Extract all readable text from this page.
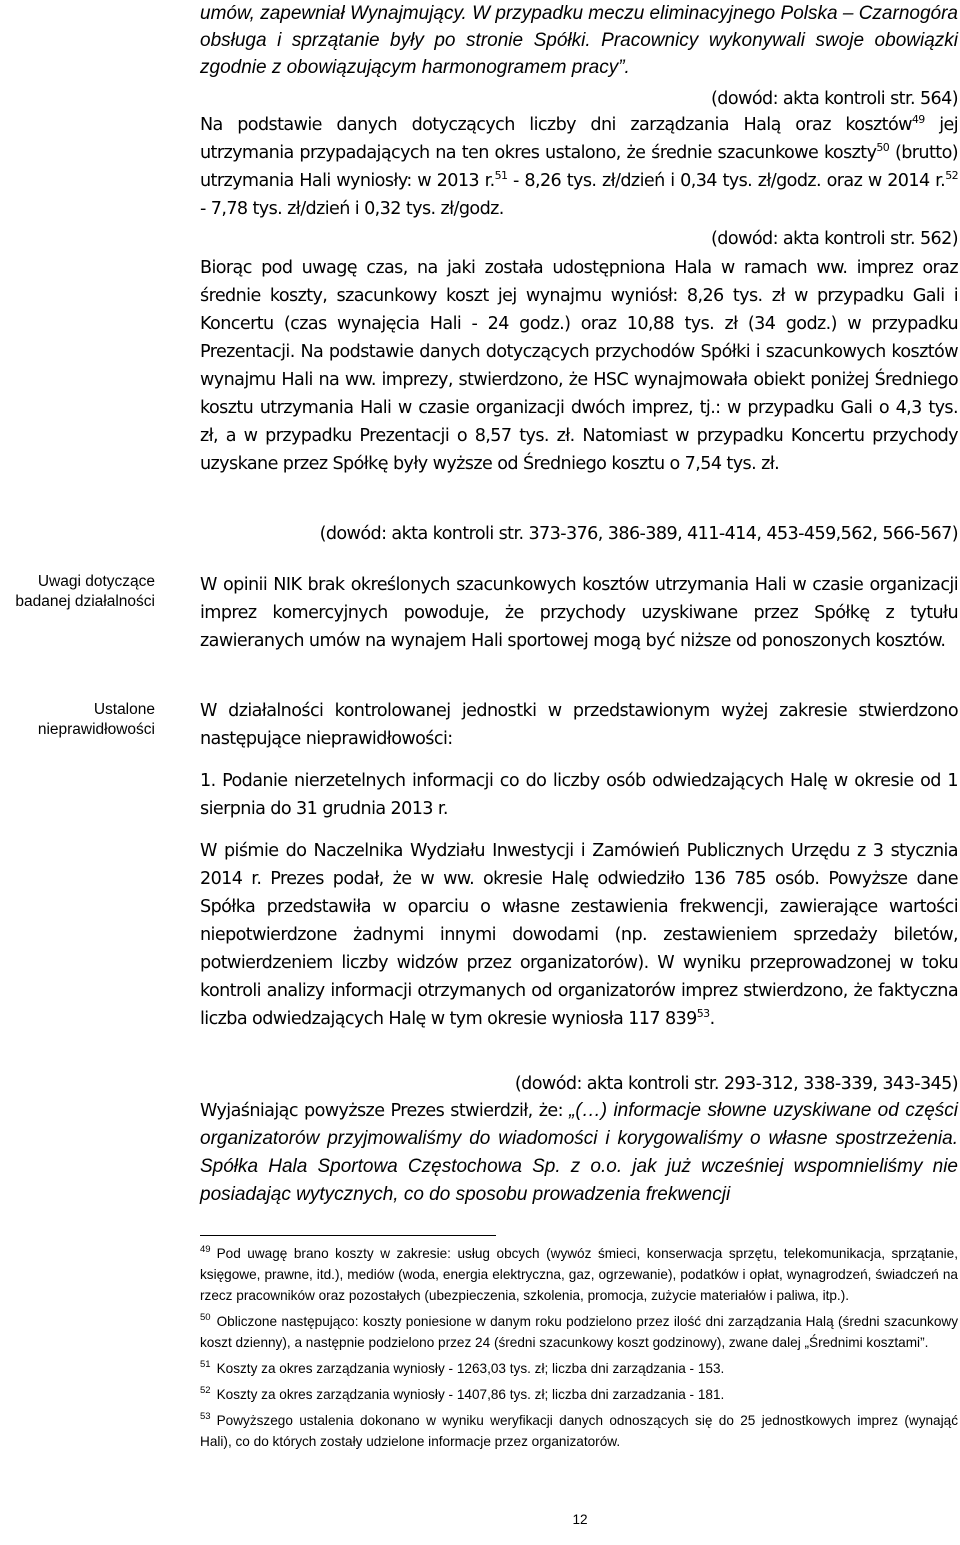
umów, zapewniał Wynajmujący. W przypadku meczu eliminacyjnego Polska – Czarnogóra obsługa i sprzątanie były po stronie Spółki. Pracownicy wykonywali swoje obowiązki zgodnie z obowiązującym harmonogramem pracy”.

(dowód: akta kontroli str. 564)

Na podstawie danych dotyczących liczby dni zarządzania Halą oraz kosztów$^{49}$ jej utrzymania przypadających na ten okres ustalono, że średnie szacunkowe koszty$^{50}$ (brutto) utrzymania Hali wyniosły: w 2013 r.$^{51}$ - 8,26 tys. zł/dzień i 0,34 tys. zł/godz. oraz w 2014 r.$^{52}$ - 7,78 tys. zł/dzień i 0,32 tys. zł/godz.

(dowód: akta kontroli str. 562)

Biorąc pod uwagę czas, na jaki została udostępniona Hala w ramach ww. imprez oraz średnie koszty, szacunkowy koszt jej wynajmu wyniósł: 8,26 tys. zł w przypadku Gali i Koncertu (czas wynajęcia Hali - 24 godz.) oraz 10,88 tys. zł (34 godz.) w przypadku Prezentacji. Na podstawie danych dotyczących przychodów Spółki i szacunkowych kosztów wynajmu Hali na ww. imprezy, stwierdzono, że HSC wynajmowała obiekt poniżej Średniego kosztu utrzymania Hali w czasie organizacji dwóch imprez, tj.: w przypadku Gali o 4,3 tys. zł, a w przypadku Prezentacji o 8,57 tys. zł. Natomiast w przypadku Koncertu przychody uzyskane przez Spółkę były wyższe od Średniego kosztu o 7,54 tys. zł.

(dowód: akta kontroli str. 373-376, 386-389, 411-414, 453-459,562, 566-567)

Uwagi dotyczące badanej działalności
Ustalone nieprawidłowości

W opinii NIK brak określonych szacunkowych kosztów utrzymania Hali w czasie organizacji imprez komercyjnych powoduje, że przychody uzyskiwane przez Spółkę z tytułu zawieranych umów na wynajem Hali sportowej mogą być niższe od ponoszonych kosztów.

W działalności kontrolowanej jednostki w przedstawionym wyżej zakresie stwierdzono następujące nieprawidłowości:

1. Podanie nierzetelnych informacji co do liczby osób odwiedzających Halę w okresie od 1 sierpnia do 31 grudnia 2013 r.

W piśmie do Naczelnika Wydziału Inwestycji i Zamówień Publicznych Urzędu z 3 stycznia 2014 r. Prezes podał, że w ww. okresie Halę odwiedziło 136 785 osób. Powyższe dane Spółka przedstawiła w oparciu o własne zestawienia frekwencji, zawierające wartości niepotwierdzone żadnymi innymi dowodami (np. zestawieniem sprzedaży biletów, potwierdzeniem liczby widzów przez organizatorów). W wyniku przeprowadzonej w toku kontroli analizy informacji otrzymanych od organizatorów imprez stwierdzono, że faktyczna liczba odwiedzających Halę w tym okresie wyniosła 117 $839^{53}$.

(dowód: akta kontroli str. 293-312, 338-339, 343-345)

Wyjaśniając powyższe Prezes stwierdził, że: „(…) informacje słowne uzyskiwane od części organizatorów przyjmowaliśmy do wiadomości i korygowaliśmy o własne spostrzeżenia. Spółka Hala Sportowa Częstochowa Sp. z o.o. jak już wcześniej wspomnieliśmy nie posiadając wytycznych, co do sposobu prowadzenia frekwencji

$^{49}$ Pod uwagę brano koszty w zakresie: usług obcych (wywóz śmieci, konserwacja sprzętu, telekomunikacja, sprzątanie, księgowe, prawne, itd.), mediów (woda, energia elektryczna, gaz, ogrzewanie), podatków i opłat, wynagrodzeń, świadczeń na rzecz pracowników oraz pozostałych (ubezpieczenia, szkolenia, promocja, zużycie materiałów i paliwa, itp.).

$^{50}$ Obliczone następująco: koszty poniesione w danym roku podzielono przez ilość dni zarządzania Halą (średni szacunkowy koszt dzienny), a następnie podzielono przez 24 (średni szacunkowy koszt godzinowy), zwane dalej „Średnimi kosztami”.

$^{51}$ Koszty za okres zarządzania wyniosły - 1263,03 tys. zł; liczba dni zarządzania - 153.

$^{52}$ Koszty za okres zarządzania wyniosły - 1407,86 tys. zł; liczba dni zarzadzania - 181.

$^{53}$ Powyższego ustalenia dokonano w wyniku weryfikacji danych odnoszących się do 25 jednostkowych imprez (wynająć Hali), co do których zostały udzielone informacje przez organizatorów.

12
